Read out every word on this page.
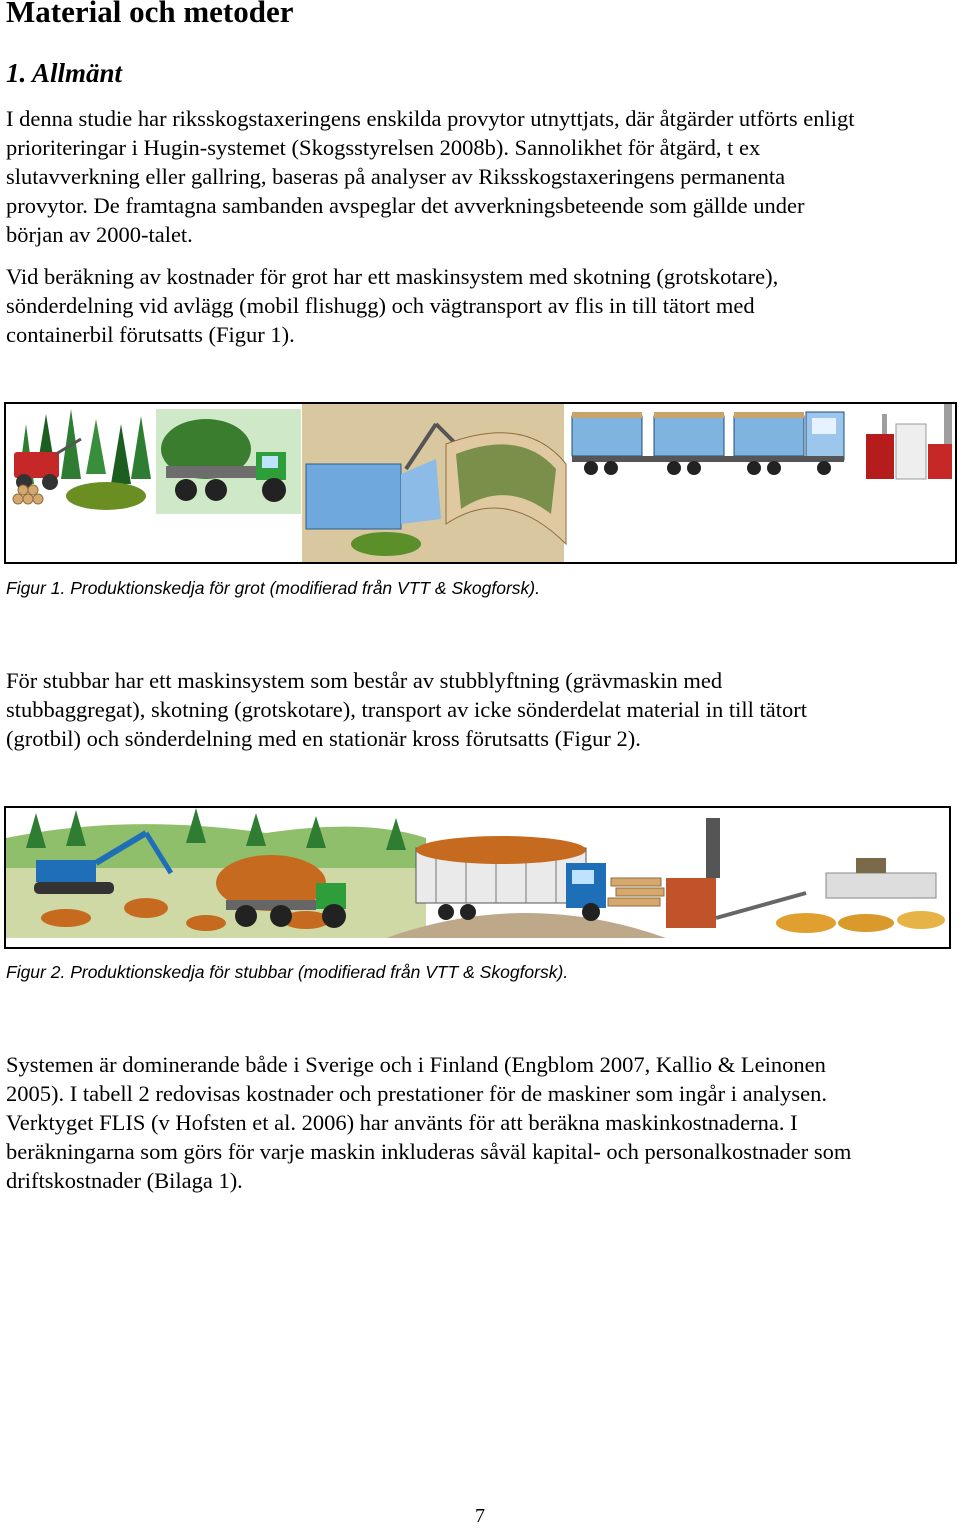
Material och metoder
1. Allmänt

I denna studie har riksskogstaxeringens enskilda provytor utnyttjats, där åtgärder utförts enligt
prioriteringar i Hugin-systemet (Skogsstyrelsen 2008b). Sannolikhet för åtgärd, t ex
slutavverkning eller gallring, baseras på analyser av Riksskogstaxeringens permanenta
provytor. De framtagna sambanden avspeglar det avverkningsbeteende som gällde under
början av 2000-talet.

Vid beräkning av kostnader för grot har ett maskinsystem med skotning (grotskotare),
sönderdelning vid avlägg (mobil flishugg) och vägtransport av flis in till tätort med
containerbil förutsatts (Figur 1).

Figur 1. Produktionskedja för grot (modifierad från VTT & Skogforsk).

För stubbar har ett maskinsystem som består av stubblyftning (grävmaskin med
stubbaggregat), skotning (grotskotare), transport av icke sönderdelat material in till tätort
(grotbil) och sönderdelning med en stationär kross förutsatts (Figur 2).

Figur 2. Produktionskedja för stubbar (modifierad från VTT & Skogforsk).

Systemen är dominerande både i Sverige och i Finland (Engblom 2007, Kallio & Leinonen
2005). I tabell 2 redovisas kostnader och prestationer för de maskiner som ingår i analysen.
Verktyget FLIS (v Hofsten et al. 2006) har använts för att beräkna maskinkostnaderna. I
beräkningarna som görs för varje maskin inkluderas såväl kapital- och personalkostnader som
driftskostnader (Bilaga 1).

7
